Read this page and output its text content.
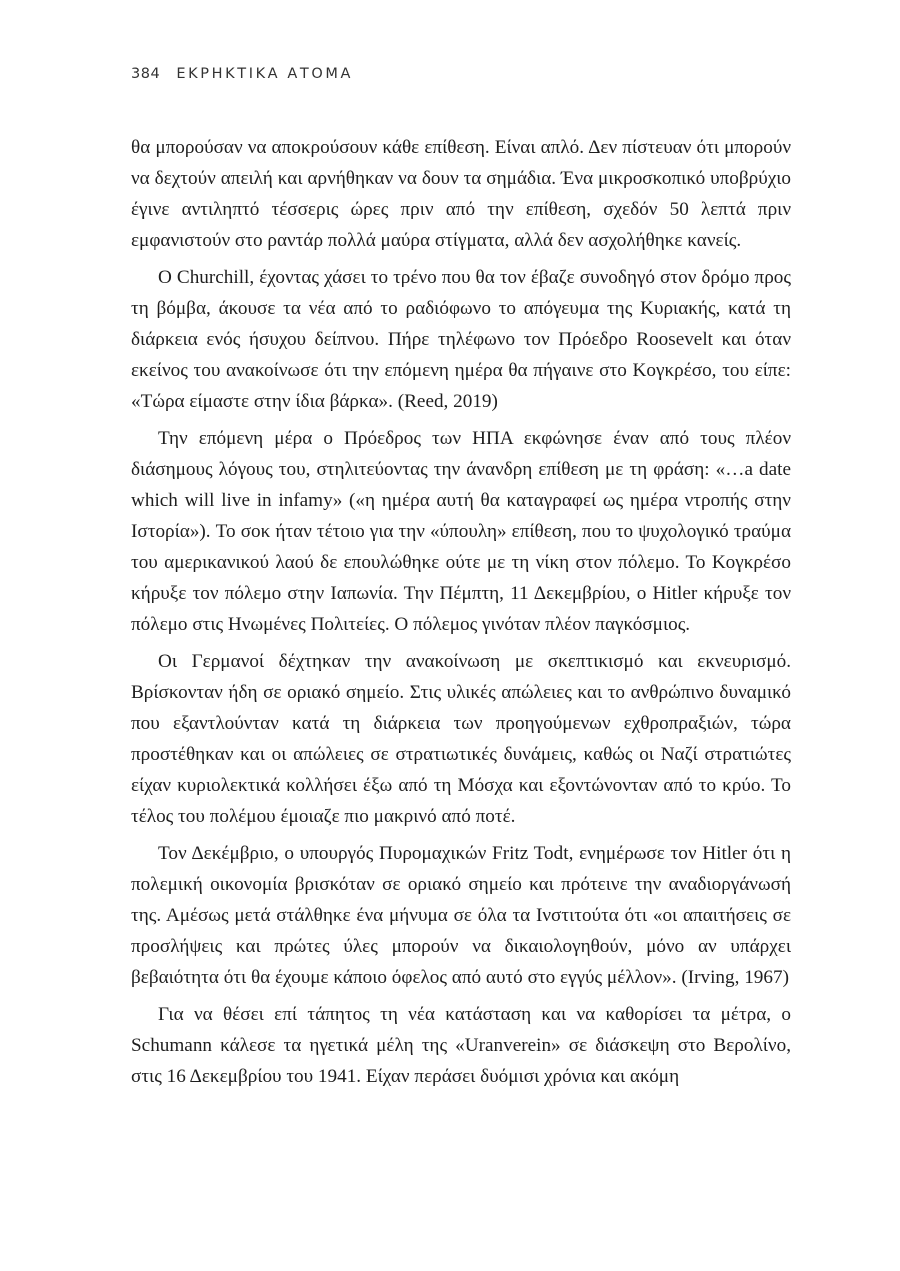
384 ΕΚΡΗΚΤΙΚΑ ΑΤΟΜΑ

θα μπορούσαν να αποκρούσουν κάθε επίθεση. Είναι απλό. Δεν πίστευαν ότι μπορούν να δεχτούν απειλή και αρνήθηκαν να δουν τα σημάδια. Ένα μικροσκοπικό υποβρύχιο έγινε αντιληπτό τέσσερις ώρες πριν από την επίθεση, σχεδόν 50 λεπτά πριν εμφανιστούν στο ραντάρ πολλά μαύρα στίγματα, αλλά δεν ασχολήθηκε κανείς.

Ο Churchill, έχοντας χάσει το τρένο που θα τον έβαζε συνοδηγό στον δρόμο προς τη βόμβα, άκουσε τα νέα από το ραδιόφωνο το απόγευμα της Κυριακής, κατά τη διάρκεια ενός ήσυχου δείπνου. Πήρε τηλέφωνο τον Πρόεδρο Roosevelt και όταν εκείνος του ανακοίνωσε ότι την επόμενη ημέρα θα πήγαινε στο Κογκρέσο, του είπε: «Τώρα είμαστε στην ίδια βάρκα». (Reed, 2019)

Την επόμενη μέρα ο Πρόεδρος των ΗΠΑ εκφώνησε έναν από τους πλέον διάσημους λόγους του, στηλιτεύοντας την άνανδρη επίθεση με τη φράση: «…a date which will live in infamy» («η ημέρα αυτή θα καταγραφεί ως ημέρα ντροπής στην Ιστορία»). Το σοκ ήταν τέτοιο για την «ύπουλη» επίθεση, που το ψυχολογικό τραύμα του αμερικανικού λαού δε επουλώθηκε ούτε με τη νίκη στον πόλεμο. Το Κογκρέσο κήρυξε τον πόλεμο στην Ιαπωνία. Την Πέμπτη, 11 Δεκεμβρίου, ο Hitler κήρυξε τον πόλεμο στις Ηνωμένες Πολιτείες. Ο πόλεμος γινόταν πλέον παγκόσμιος.

Οι Γερμανοί δέχτηκαν την ανακοίνωση με σκεπτικισμό και εκνευρισμό. Βρίσκονταν ήδη σε οριακό σημείο. Στις υλικές απώλειες και το ανθρώπινο δυναμικό που εξαντλούνταν κατά τη διάρκεια των προηγούμενων εχθροπραξιών, τώρα προστέθηκαν και οι απώλειες σε στρατιωτικές δυνάμεις, καθώς οι Ναζί στρατιώτες είχαν κυριολεκτικά κολλήσει έξω από τη Μόσχα και εξοντώνονταν από το κρύο. Το τέλος του πολέμου έμοιαζε πιο μακρινό από ποτέ.

Τον Δεκέμβριο, ο υπουργός Πυρομαχικών Fritz Todt, ενημέρωσε τον Hitler ότι η πολεμική οικονομία βρισκόταν σε οριακό σημείο και πρότεινε την αναδιοργάνωσή της. Αμέσως μετά στάλθηκε ένα μήνυμα σε όλα τα Ινστιτούτα ότι «οι απαιτήσεις σε προσλήψεις και πρώτες ύλες μπορούν να δικαιολογηθούν, μόνο αν υπάρχει βεβαιότητα ότι θα έχουμε κάποιο όφελος από αυτό στο εγγύς μέλλον». (Irving, 1967)

Για να θέσει επί τάπητος τη νέα κατάσταση και να καθορίσει τα μέτρα, ο Schumann κάλεσε τα ηγετικά μέλη της «Uranverein» σε διάσκεψη στο Βερολίνο, στις 16 Δεκεμβρίου του 1941. Είχαν περάσει δυόμισι χρόνια και ακόμη
